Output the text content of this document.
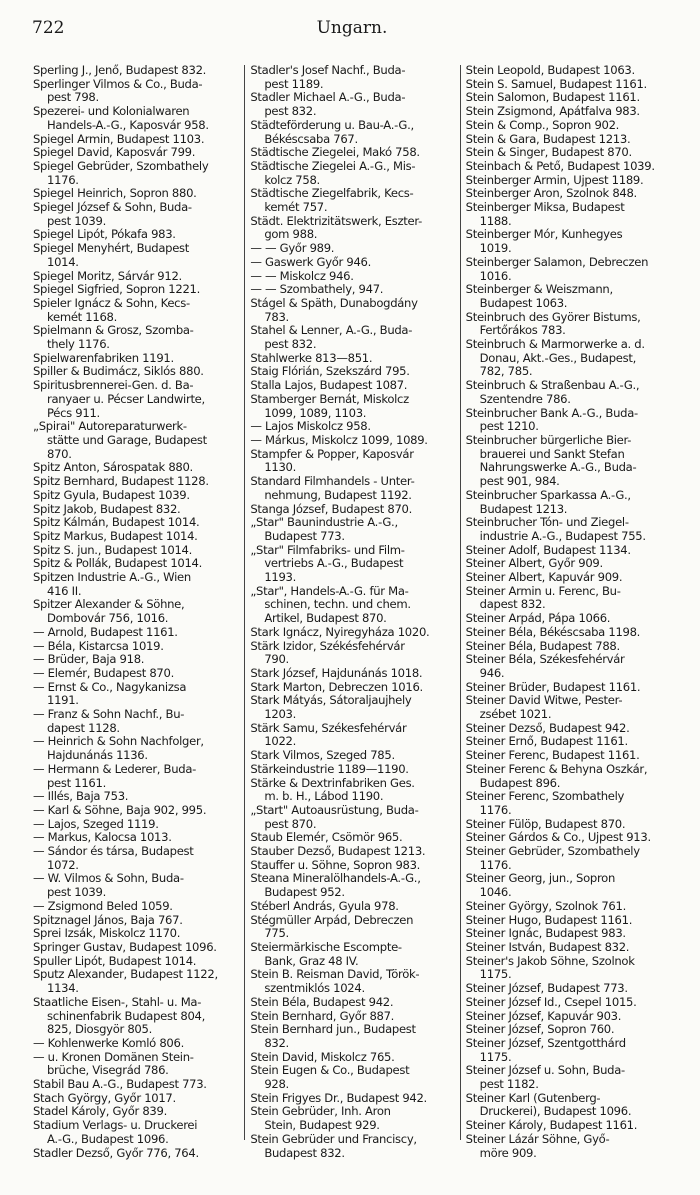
722	Ungarn.
Sperling J., Jenő, Budapest 832.
Sperlinger Vilmos & Co., Buda-
pest 798.
Spezerei- und Kolonialwaren
Handels-A.-G., Kaposvár 958.
Spiegel Armin, Budapest 1103.
Spiegel David, Kaposvár 799.
Spiegel Gebrüder, Szombathely
1176.
Spiegel Heinrich, Sopron 880.
Spiegel József & Sohn, Buda-
pest 1039.
Spiegel Lipót, Pókafa 983.
Spiegel Menyhért, Budapest
1014.
Spiegel Moritz, Sárvár 912.
Spiegel Sigfried, Sopron 1221.
Spieler Ignácz & Sohn, Kecs-
kemét 1168.
Spielmann & Grosz, Szomba-
thely 1176.
Spielwarenfabriken 1191.
Spiller & Budimácz, Siklós 880.
Spiritusbrennerei-Gen. d. Ba-
ranyaer u. Pécser Landwirte,
Pécs 911.
„Spirai" Autoreparaturwerk-
stätte und Garage, Budapest
870.
Spitz Anton, Sárospatak 880.
Spitz Bernhard, Budapest 1128.
Spitz Gyula, Budapest 1039.
Spitz Jakob, Budapest 832.
Spitz Kálmán, Budapest 1014.
Spitz Markus, Budapest 1014.
Spitz S. jun., Budapest 1014.
Spitz & Pollák, Budapest 1014.
Spitzen Industrie A.-G., Wien
416 II.
Spitzer Alexander & Söhne,
Dombovár 756, 1016.
— Arnold, Budapest 1161.
— Béla, Kistarcsa 1019.
— Brüder, Baja 918.
— Elemér, Budapest 870.
— Ernst & Co., Nagykanizsa
1191.
— Franz & Sohn Nachf., Bu-
dapest 1128.
— Heinrich & Sohn Nachfolger,
Hajdunánás 1136.
— Hermann & Lederer, Buda-
pest 1161.
— Illés, Baja 753.
— Karl & Söhne, Baja 902, 995.
— Lajos, Szeged 1119.
— Markus, Kalocsa 1013.
— Sándor és társa, Budapest
1072.
— W. Vilmos & Sohn, Buda-
pest 1039.
— Zsigmond Beled 1059.
Spitznagel János, Baja 767.
Sprei Izsák, Miskolcz 1170.
Springer Gustav, Budapest 1096.
Spuller Lipót, Budapest 1014.
Sputz Alexander, Budapest 1122,
1134.
Staatliche Eisen-, Stahl- u. Ma-
schinenfabrik Budapest 804,
825, Diosgyör 805.
— Kohlenwerke Komló 806.
— u. Kronen Domänen Stein-
brüche, Visegrád 786.
Stabil Bau A.-G., Budapest 773.
Stach György, Győr 1017.
Stadel Károly, Győr 839.
Stadium Verlags- u. Druckerei
A.-G., Budapest 1096.
Stadler Dezső, Győr 776, 764.
Stadler's Josef Nachf., Buda-
pest 1189.
Stadler Michael A.-G., Buda-
pest 832.
Städteförderung u. Bau-A.-G.,
Békéscsaba 767.
Städtische Ziegelei, Makó 758.
Städtische Ziegelei A.-G., Mis-
kolcz 758.
Städtische Ziegelfabrik, Kecs-
kemét 757.
Städt. Elektrizitätswerk, Eszter-
gom 988.
— — Győr 989.
— Gaswerk Győr 946.
— — Miskolcz 946.
— — Szombathely, 947.
Stágel & Späth, Dunabogdány
783.
Stahel & Lenner, A.-G., Buda-
pest 832.
Stahlwerke 813—851.
Staig Flórián, Szekszárd 795.
Stalla Lajos, Budapest 1087.
Stamberger Bernát, Miskolcz
1099, 1089, 1103.
— Lajos Miskolcz 958.
— Márkus, Miskolcz 1099, 1089.
Stampfer & Popper, Kaposvár
1130.
Standard Filmhandels - Unter-
nehmung, Budapest 1192.
Stanga József, Budapest 870.
„Star" Baunindustrie A.-G.,
Budapest 773.
„Star" Filmfabriks- und Film-
vertriebs A.-G., Budapest
1193.
„Star", Handels-A.-G. für Ma-
schinen, techn. und chem.
Artikel, Budapest 870.
Stark Ignácz, Nyiregyháza 1020.
Stärk Izidor, Székésfehérvár
790.
Stark József, Hajdunánás 1018.
Stark Marton, Debreczen 1016.
Stark Mátyás, Sátoraljaujhely
1203.
Stärk Samu, Székesfehérvár
1022.
Stark Vilmos, Szeged 785.
Stärkeindustrie 1189—1190.
Stärke & Dextrinfabriken Ges.
m. b. H., Lábod 1190.
„Start" Autoausrüstung, Buda-
pest 870.
Staub Elemér, Csömör 965.
Stauber Dezső, Budapest 1213.
Stauffer u. Söhne, Sopron 983.
Steana Mineralölhandels-A.-G.,
Budapest 952.
Stéberl András, Gyula 978.
Stégmüller Arpád, Debreczen
775.
Steiermärkische Escompte-
Bank, Graz 48 IV.
Stein B. Reisman David, Török-
szentmiklós 1024.
Stein Béla, Budapest 942.
Stein Bernhard, Győr 887.
Stein Bernhard jun., Budapest
832.
Stein David, Miskolcz 765.
Stein Eugen & Co., Budapest
928.
Stein Frigyes Dr., Budapest 942.
Stein Gebrüder, Inh. Aron
Stein, Budapest 929.
Stein Gebrüder und Franciscy,
Budapest 832.
Stein Leopold, Budapest 1063.
Stein S. Samuel, Budapest 1161.
Stein Salomon, Budapest 1161.
Stein Zsigmond, Apátfalva 983.
Stein & Comp., Sopron 902.
Stein & Gara, Budapest 1213.
Stein & Singer, Budapest 870.
Steinbach & Pető, Budapest 1039.
Steinberger Armin, Ujpest 1189.
Steinberger Aron, Szolnok 848.
Steinberger Miksa, Budapest
1188.
Steinberger Mór, Kunhegyes
1019.
Steinberger Salamon, Debreczen
1016.
Steinberger & Weiszmann,
Budapest 1063.
Steinbruch des Györer Bistums,
Fertőrákos 783.
Steinbruch & Marmorwerke a. d.
Donau, Akt.-Ges., Budapest,
782, 785.
Steinbruch & Straßenbau A.-G.,
Szentendre 786.
Steinbrucher Bank A.-G., Buda-
pest 1210.
Steinbrucher bürgerliche Bier-
brauerei und Sankt Stefan
Nahrungswerke A.-G., Buda-
pest 901, 984.
Steinbrucher Sparkassa A.-G.,
Budapest 1213.
Steinbrucher Tón- und Ziegel-
industrie A.-G., Budapest 755.
Steiner Adolf, Budapest 1134.
Steiner Albert, Győr 909.
Steiner Albert, Kapuvár 909.
Steiner Armin u. Ferenc, Bu-
dapest 832.
Steiner Arpád, Pápa 1066.
Steiner Béla, Békéscsaba 1198.
Steiner Béla, Budapest 788.
Steiner Béla, Székesfehérvár
946.
Steiner Brüder, Budapest 1161.
Steiner David Witwe, Pester-
zsébet 1021.
Steiner Dezső, Budapest 942.
Steiner Ernő, Budapest 1161.
Steiner Ferenc, Budapest 1161.
Steiner Ferenc & Behyna Oszkár,
Budapest 896.
Steiner Ferenc, Szombathely
1176.
Steiner Fülöp, Budapest 870.
Steiner Gárdos & Co., Ujpest 913.
Steiner Gebrüder, Szombathely
1176.
Steiner Georg, jun., Sopron
1046.
Steiner György, Szolnok 761.
Steiner Hugo, Budapest 1161.
Steiner Ignác, Budapest 983.
Steiner István, Budapest 832.
Steiner's Jakob Söhne, Szolnok
1175.
Steiner József, Budapest 773.
Steiner József Id., Csepel 1015.
Steiner József, Kapuvár 903.
Steiner József, Sopron 760.
Steiner József, Szentgotthárd
1175.
Steiner József u. Sohn, Buda-
pest 1182.
Steiner Karl (Gutenberg-
Druckerei), Budapest 1096.
Steiner Károly, Budapest 1161.
Steiner Lázár Söhne, Győ-
möre 909.
